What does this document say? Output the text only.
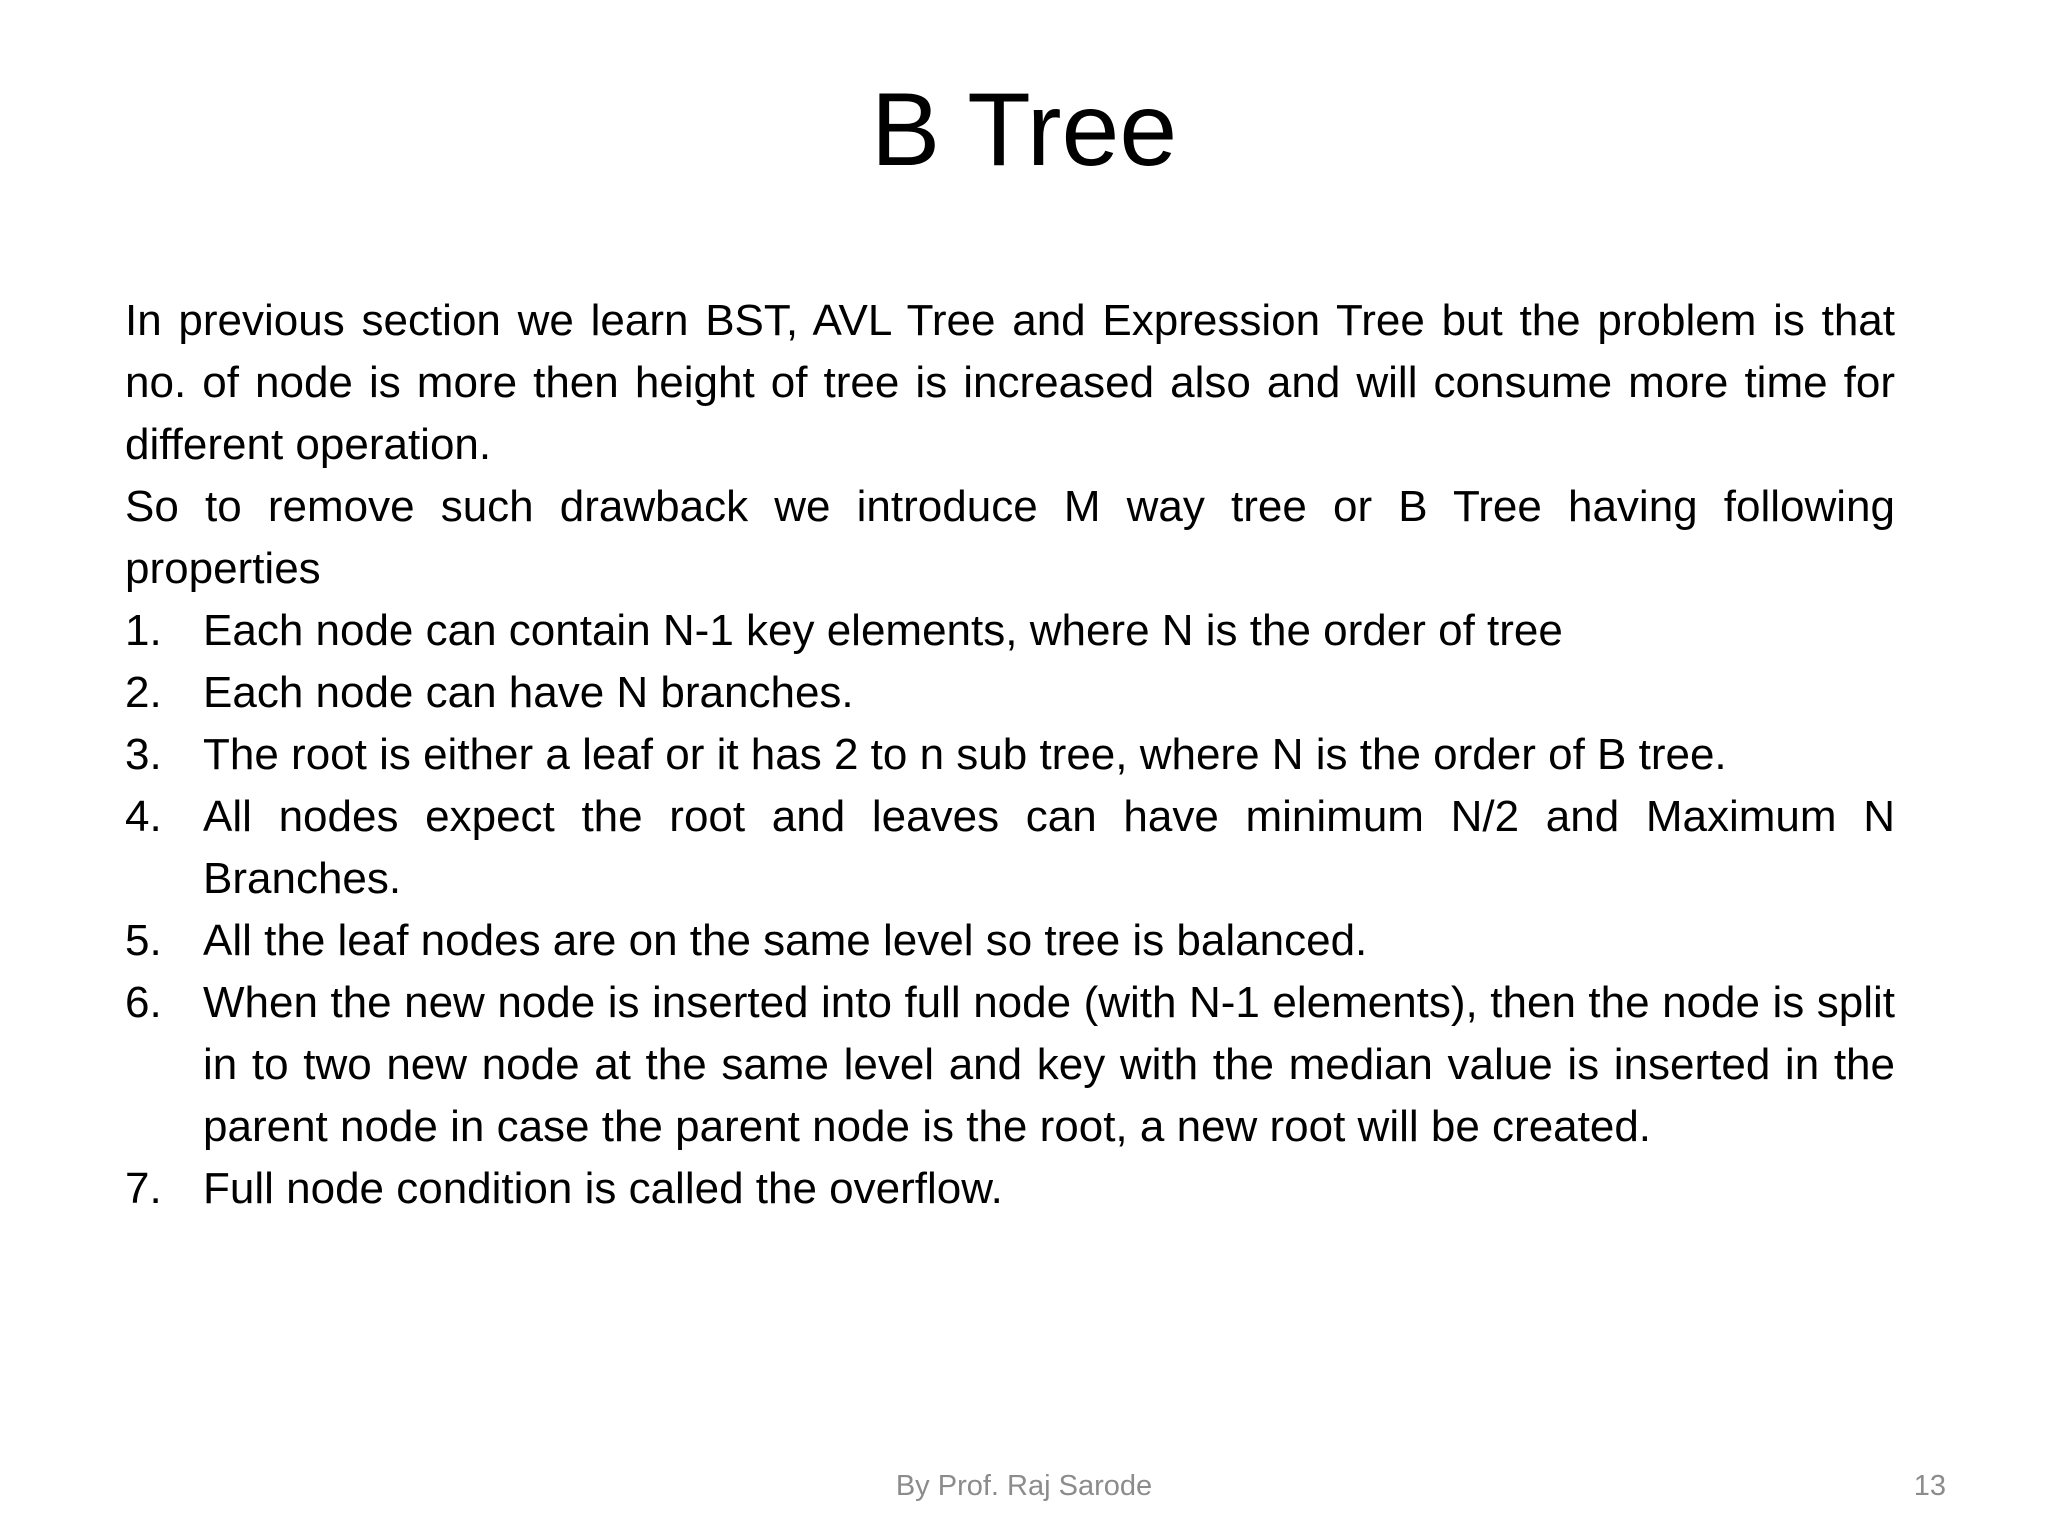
B Tree

In previous section we learn BST, AVL Tree and Expression Tree but the problem is that no. of node is more then height of tree is increased also and will consume more time for different operation.

So to remove such drawback we introduce M way tree or B Tree having following properties

1. Each node can contain N-1 key elements, where N is the order of tree
2. Each node can have N branches.
3. The root is either a leaf or it has 2 to n sub tree, where N is the order of B tree.
4. All nodes expect the root and leaves can have minimum N/2 and Maximum N Branches.
5. All the leaf nodes are on the same level so tree is balanced.
6. When the new node is inserted into full node (with N-1 elements), then the node is split in to two new node at the same level and key with the median value is inserted in the parent node in case the parent node is the root, a new root will be created.
7. Full node condition is called the overflow.
By Prof. Raj Sarode	13
